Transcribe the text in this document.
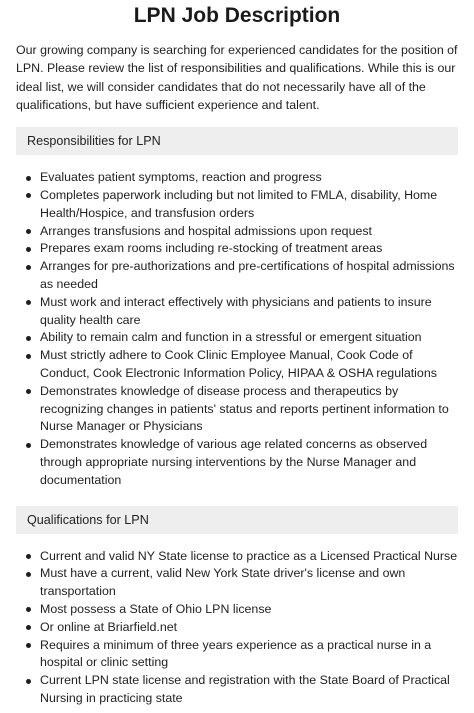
LPN Job Description

Our growing company is searching for experienced candidates for the position of LPN. Please review the list of responsibilities and qualifications. While this is our ideal list, we will consider candidates that do not necessarily have all of the qualifications, but have sufficient experience and talent.

Responsibilities for LPN
Evaluates patient symptoms, reaction and progress
Completes paperwork including but not limited to FMLA, disability, Home Health/Hospice, and transfusion orders
Arranges transfusions and hospital admissions upon request
Prepares exam rooms including re-stocking of treatment areas
Arranges for pre-authorizations and pre-certifications of hospital admissions as needed
Must work and interact effectively with physicians and patients to insure quality health care
Ability to remain calm and function in a stressful or emergent situation
Must strictly adhere to Cook Clinic Employee Manual, Cook Code of Conduct, Cook Electronic Information Policy, HIPAA & OSHA regulations
Demonstrates knowledge of disease process and therapeutics by recognizing changes in patients' status and reports pertinent information to Nurse Manager or Physicians
Demonstrates knowledge of various age related concerns as observed through appropriate nursing interventions by the Nurse Manager and documentation
Qualifications for LPN
Current and valid NY State license to practice as a Licensed Practical Nurse
Must have a current, valid New York State driver's license and own transportation
Most possess a State of Ohio LPN license
Or online at Briarfield.net
Requires a minimum of three years experience as a practical nurse in a hospital or clinic setting
Current LPN state license and registration with the State Board of Practical Nursing in practicing state
